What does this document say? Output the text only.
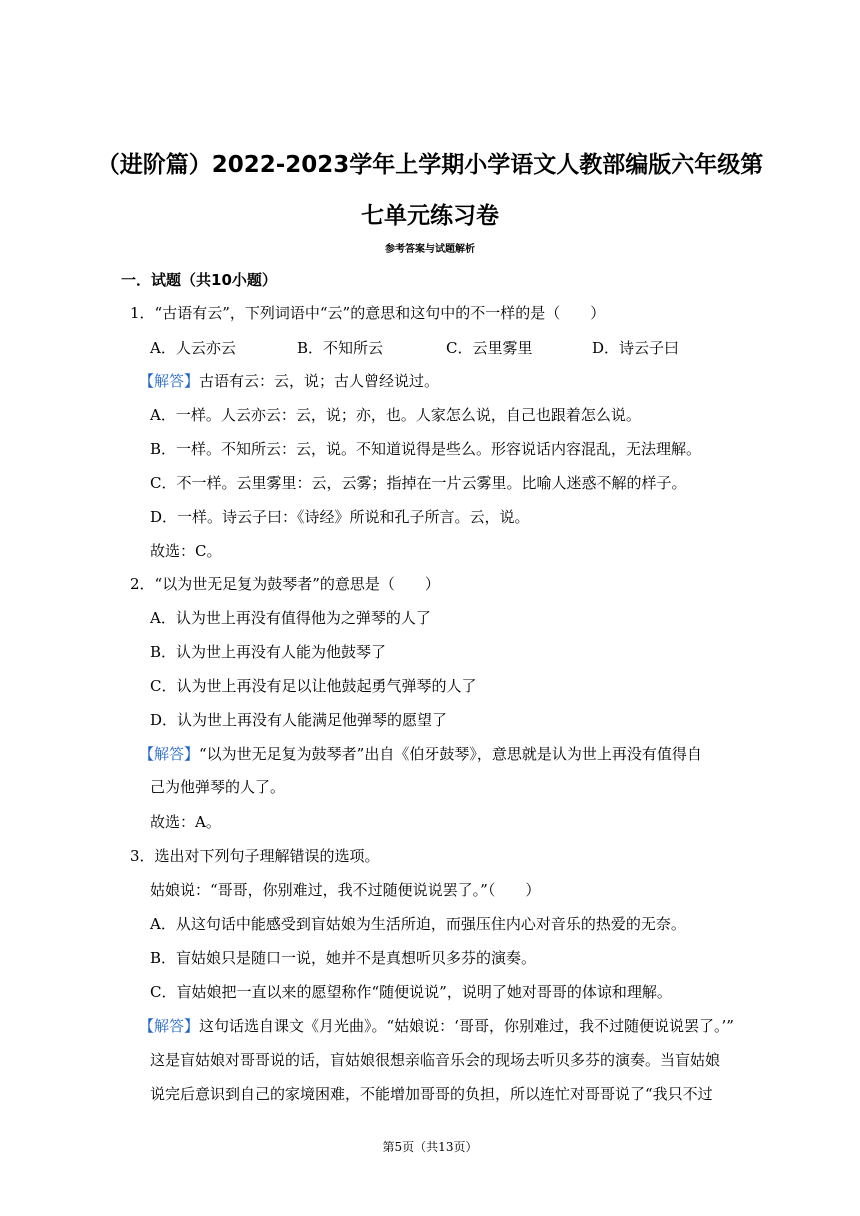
（进阶篇）2022-2023学年上学期小学语文人教部编版六年级第
七单元练习卷
参考答案与试题解析
一．试题（共10小题）
1．“古语有云”，下列词语中“云”的意思和这句中的不一样的是（　　）
A．人云亦云	B．不知所云	C．云里雾里	D．诗云子曰
【解答】古语有云：云，说；古人曾经说过。
A．一样。人云亦云：云，说；亦，也。人家怎么说，自己也跟着怎么说。
B．一样。不知所云：云，说。不知道说得是些么。形容说话内容混乱，无法理解。
C．不一样。云里雾里：云，云雾；指掉在一片云雾里。比喻人迷惑不解的样子。
D．一样。诗云子曰：《诗经》所说和孔子所言。云，说。
故选：C。
2．“以为世无足复为鼓琴者”的意思是（　　）
A．认为世上再没有值得他为之弹琴的人了
B．认为世上再没有人能为他鼓琴了
C．认为世上再没有足以让他鼓起勇气弹琴的人了
D．认为世上再没有人能满足他弹琴的愿望了
【解答】“以为世无足复为鼓琴者”出自《伯牙鼓琴》，意思就是认为世上再没有值得自
己为他弹琴的人了。
故选：A。
3．选出对下列句子理解错误的选项。
姑娘说：“哥哥，你别难过，我不过随便说说罢了。”（　　）
A．从这句话中能感受到盲姑娘为生活所迫，而强压住内心对音乐的热爱的无奈。
B．盲姑娘只是随口一说，她并不是真想听贝多芬的演奏。
C．盲姑娘把一直以来的愿望称作“随便说说”，说明了她对哥哥的体谅和理解。
【解答】这句话选自课文《月光曲》。“姑娘说：‘哥哥，你别难过，我不过随便说说罢了。’”
这是盲姑娘对哥哥说的话，盲姑娘很想亲临音乐会的现场去听贝多芬的演奏。当盲姑娘
说完后意识到自己的家境困难，不能增加哥哥的负担，所以连忙对哥哥说了“我只不过
第5页（共13页）
